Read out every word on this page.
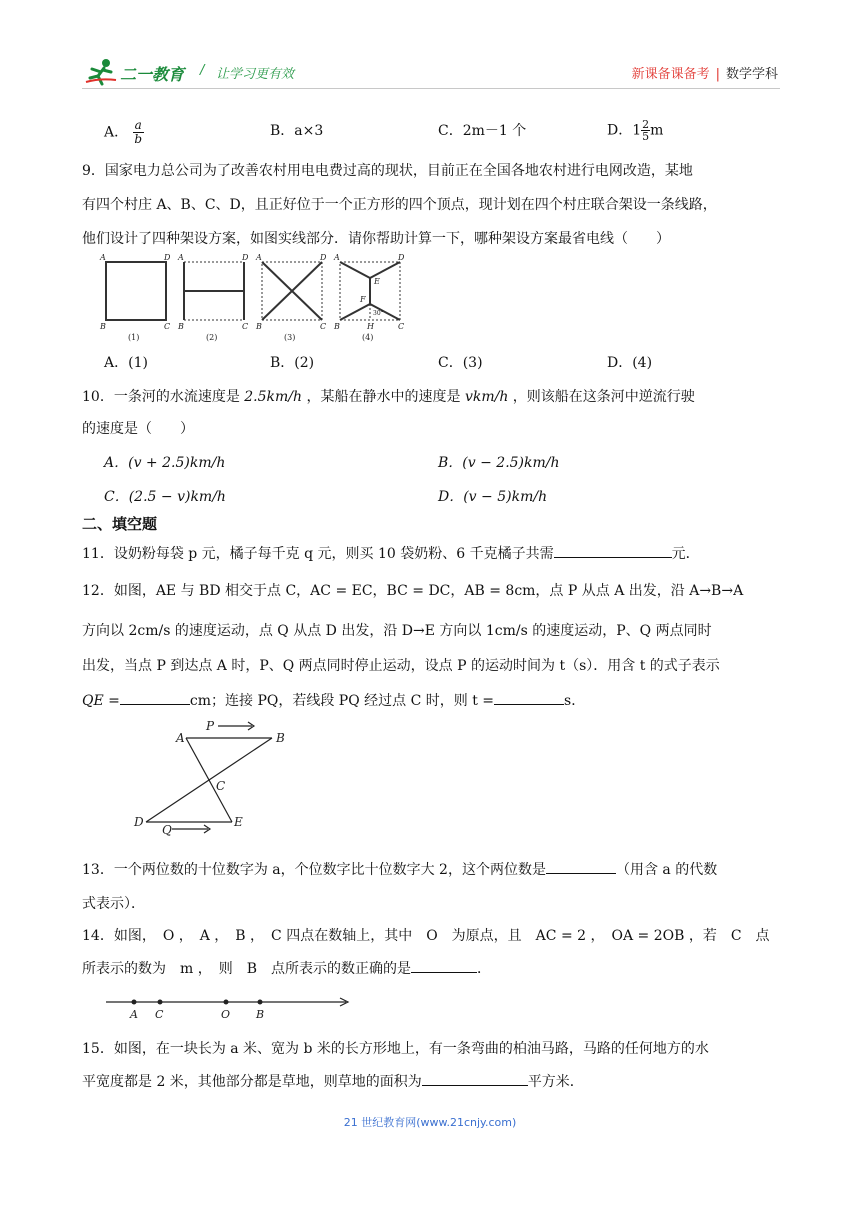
二一教育 / 让学习更有效	新课备课备考 | 数学学科
A． $\frac{a}{b}$	B．a×3	C．2m－1 个	D．$1 \frac{2}{5}$ m
9．国家电力总公司为了改善农村用电电费过高的现状，目前正在全国各地农村进行电网改造，某地
有四个村庄 A、B、C、D，且正好位于一个正方形的四个顶点，现计划在四个村庄联合架设一条线路，
他们设计了四种架设方案，如图实线部分．请你帮助计算一下，哪种架设方案最省电线（　　）
A	D
B	C
A	D
B	C
A	D
B	C
A	D
B	C
E
F
H
30°
(1)	(2)	(3)	(4)
A．(1)	B．(2)	C．(3)	D．(4)
10．一条河的水流速度是 2.5km/h ，某船在静水中的速度是 vkm/h ，则该船在这条河中逆流行驶
的速度是（　　）
A．(v + 2.5)km/h	B．(v − 2.5)km/h
C．(2.5 − v)km/h	D．(v − 5)km/h
二、填空题
11．设奶粉每袋 p 元，橘子每千克 q 元，则买 10 袋奶粉、6 千克橘子共需	元．
12．如图，AE 与 BD 相交于点 C，AC = EC，BC = DC，AB = 8cm，点 P 从点 A 出发，沿 A→B→A
方向以 2cm/s 的速度运动，点 Q 从点 D 出发，沿 D→E 方向以 1cm/s 的速度运动，P、Q 两点同时
出发，当点 P 到达点 A 时，P、Q 两点同时停止运动，设点 P 的运动时间为 t（s）．用含 t 的式子表示
QE =	cm；连接 PQ，若线段 PQ 经过点 C 时，则 t =	s．
A	B
C
D	E
P
Q
13．一个两位数的十位数字为 a，个位数字比十位数字大 2，这个两位数是	（用含 a 的代数
式表示）．
14．如图，　O ，　A ，　B ，　C 四点在数轴上，其中　O　为原点，且　AC = 2 ，　OA = 2OB ，若　C　点
所表示的数为　m ，　则　B　点所表示的数正确的是	．
A C	O B
15．如图，在一块长为 a 米、宽为 b 米的长方形地上，有一条弯曲的柏油马路，马路的任何地方的水
平宽度都是 2 米，其他部分都是草地，则草地的面积为	平方米．
21 世纪教育网(www.21cnjy.com)
